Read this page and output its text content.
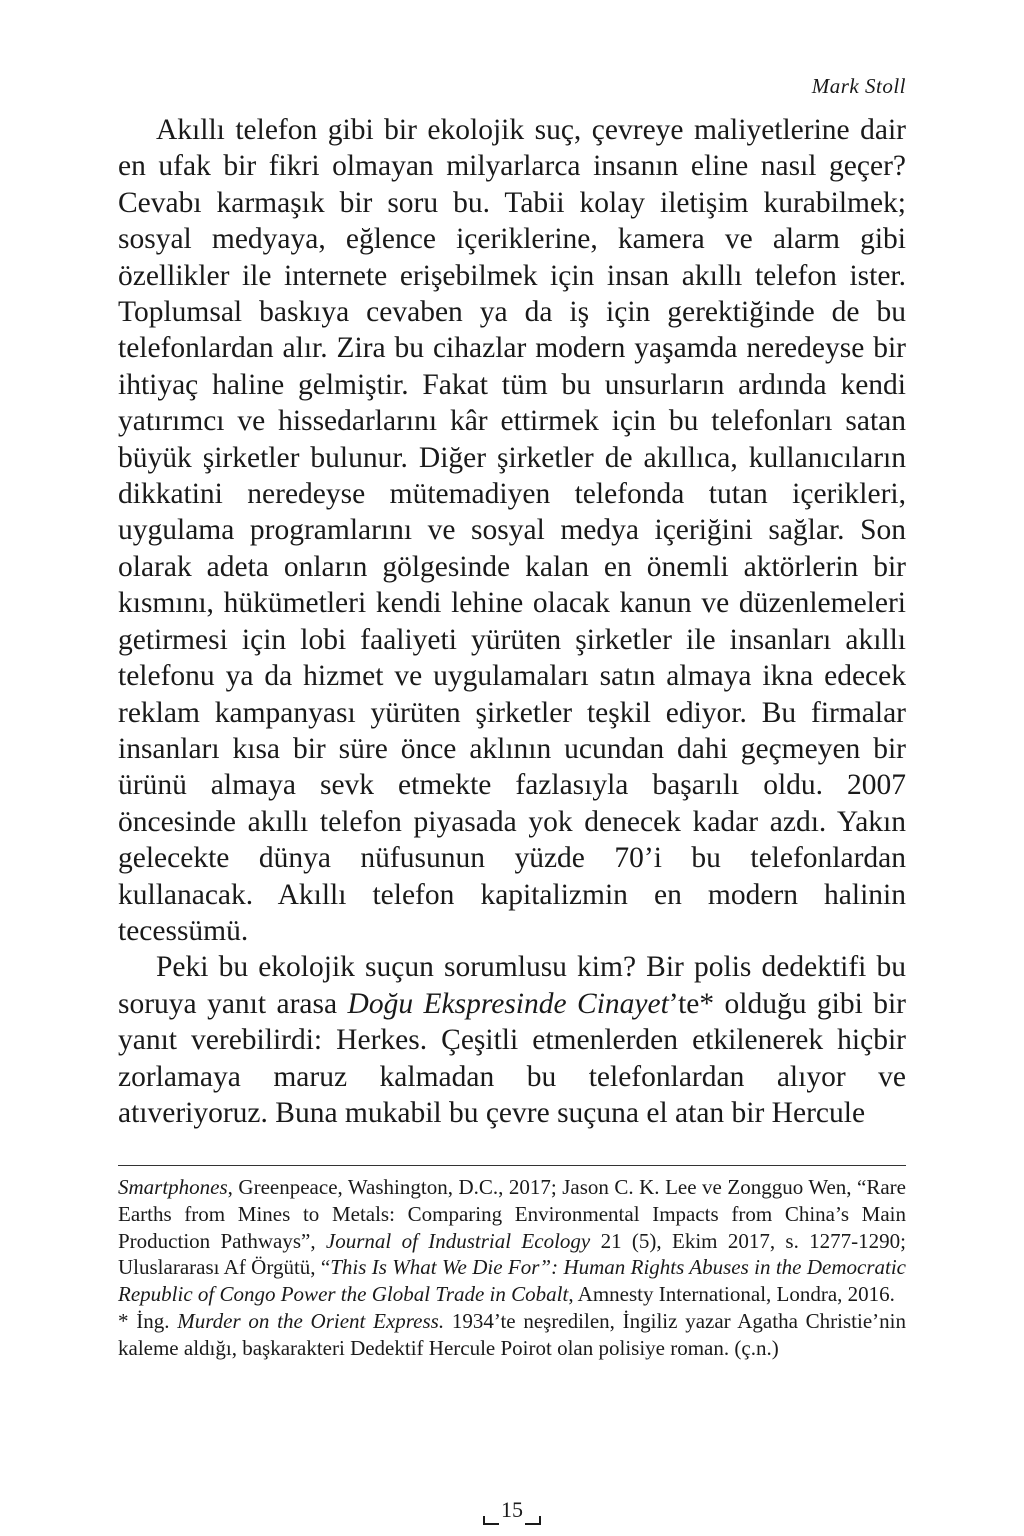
Mark Stoll

Akıllı telefon gibi bir ekolojik suç, çevreye maliyetlerine dair en ufak bir fikri olmayan milyarlarca insanın eline nasıl geçer? Cevabı karmaşık bir soru bu. Tabii kolay iletişim kurabilmek; sosyal medyaya, eğlence içeriklerine, kamera ve alarm gibi özellikler ile internete erişebilmek için insan akıllı telefon ister. Toplumsal baskıya cevaben ya da iş için gerektiğinde de bu telefonlardan alır. Zira bu cihazlar modern yaşamda neredeyse bir ihtiyaç haline gelmiştir. Fakat tüm bu unsurların ardında kendi yatırımcı ve hissedarlarını kâr ettirmek için bu telefonları satan büyük şirketler bulunur. Diğer şirketler de akıllıca, kullanıcıların dikkatini neredeyse mütemadiyen telefonda tutan içerikleri, uygulama programlarını ve sosyal medya içeriğini sağlar. Son olarak adeta onların gölgesinde kalan en önemli aktörlerin bir kısmını, hükümetleri kendi lehine olacak kanun ve düzenlemeleri getirmesi için lobi faaliyeti yürüten şirketler ile insanları akıllı telefonu ya da hizmet ve uygulamaları satın almaya ikna edecek reklam kampanyası yürüten şirketler teşkil ediyor. Bu firmalar insanları kısa bir süre önce aklının ucundan dahi geçmeyen bir ürünü almaya sevk etmekte fazlasıyla başarılı oldu. 2007 öncesinde akıllı telefon piyasada yok denecek kadar azdı. Yakın gelecekte dünya nüfusunun yüzde 70’i bu telefonlardan kullanacak. Akıllı telefon kapitalizmin en modern halinin tecessümü.

Peki bu ekolojik suçun sorumlusu kim? Bir polis dedektifi bu soruya yanıt arasa Doğu Ekspresinde Cinayet’te* olduğu gibi bir yanıt verebilirdi: Herkes. Çeşitli etmenlerden etkilenerek hiçbir zorlamaya maruz kalmadan bu telefonlardan alıyor ve atıveriyoruz. Buna mukabil bu çevre suçuna el atan bir Hercule

Smartphones, Greenpeace, Washington, D.C., 2017; Jason C. K. Lee ve Zongguo Wen, “Rare Earths from Mines to Metals: Comparing Environmental Impacts from China’s Main Production Pathways”, Journal of Industrial Ecology 21 (5), Ekim 2017, s. 1277-1290; Uluslararası Af Örgütü, “This Is What We Die For”: Human Rights Abuses in the Democratic Republic of Congo Power the Global Trade in Cobalt, Amnesty International, Londra, 2016.

* İng. Murder on the Orient Express. 1934’te neşredilen, İngiliz yazar Agatha Christie’nin kaleme aldığı, başkarakteri Dedektif Hercule Poirot olan polisiye roman. (ç.n.)

15
